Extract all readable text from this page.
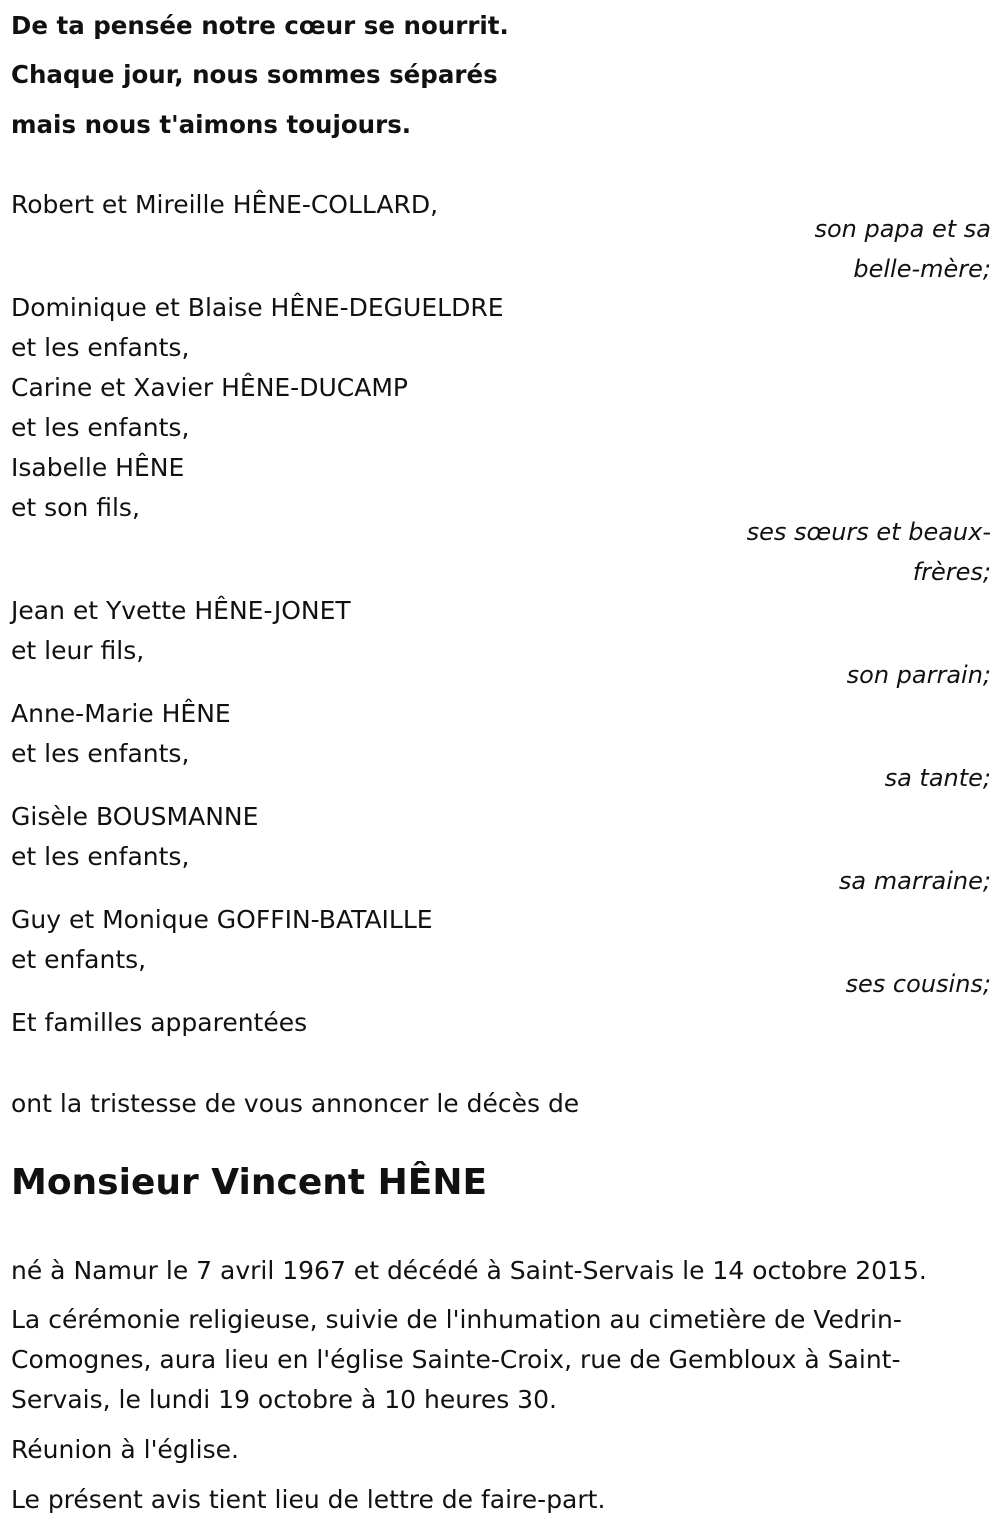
De ta pensée notre cœur se nourrit.
Chaque jour, nous sommes séparés
mais nous t'aimons toujours.
Robert et Mireille HÊNE-COLLARD,
son papa et sa
belle-mère;
Dominique et Blaise HÊNE-DEGUELDRE
et les enfants,
Carine et Xavier HÊNE-DUCAMP
et les enfants,
Isabelle HÊNE
et son fils,
ses sœurs et beaux-
frères;
Jean et Yvette HÊNE-JONET
et leur fils,
son parrain;
Anne-Marie HÊNE
et les enfants,
sa tante;
Gisèle BOUSMANNE
et les enfants,
sa marraine;
Guy et Monique GOFFIN-BATAILLE
et enfants,
ses cousins;
Et familles apparentées
ont la tristesse de vous annoncer le décès de
Monsieur Vincent HÊNE
né à Namur le 7 avril 1967 et décédé à Saint-Servais le 14 octobre 2015.
La cérémonie religieuse, suivie de l'inhumation au cimetière de Vedrin-
Comognes, aura lieu en l'église Sainte-Croix, rue de Gembloux à Saint-
Servais, le lundi 19 octobre à 10 heures 30.
Réunion à l'église.
Le présent avis tient lieu de lettre de faire-part.
